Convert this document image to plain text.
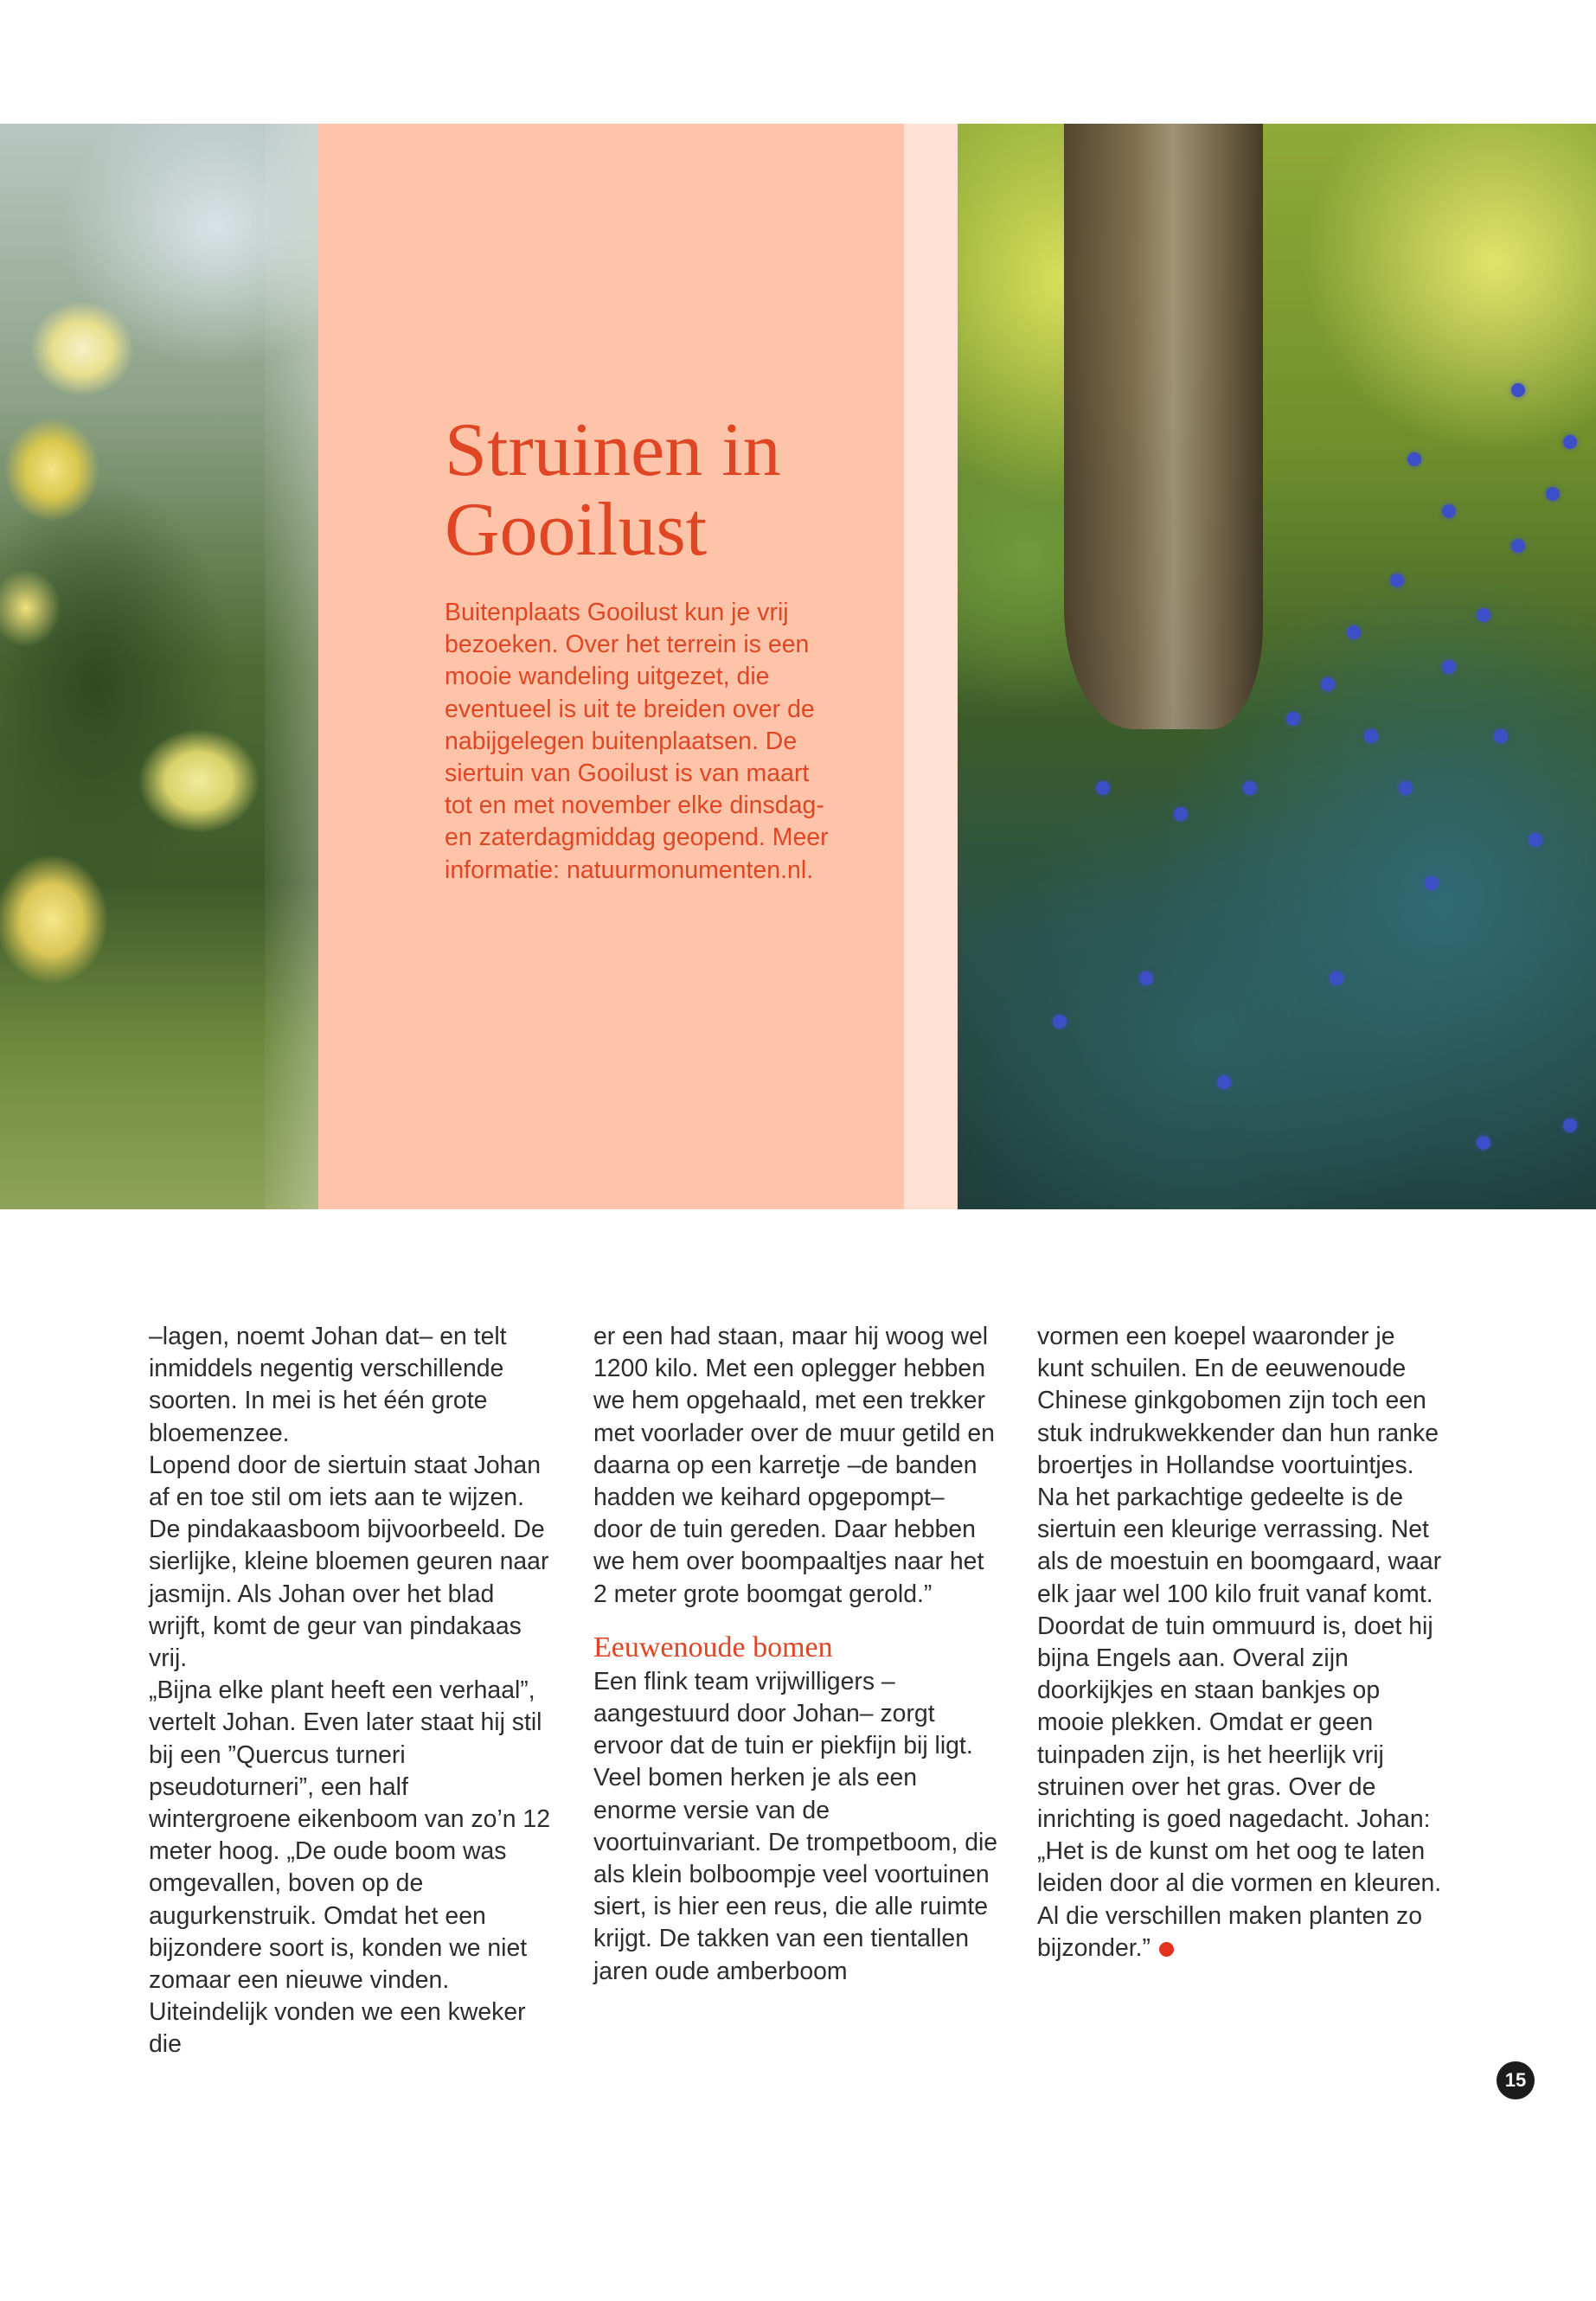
Struinen in
Gooilust

Buitenplaats Gooilust kun je vrij bezoeken. Over het terrein is een mooie wandeling uitgezet, die eventueel is uit te breiden over de nabijgelegen buitenplaatsen. De siertuin van Gooilust is van maart tot en met november elke dinsdag- en zaterdagmiddag geopend. Meer informatie: natuurmonumenten.nl.

–lagen, noemt Johan dat– en telt inmiddels negentig verschillende soorten. In mei is het één grote bloemenzee.

Lopend door de siertuin staat Johan af en toe stil om iets aan te wijzen. De pindakaasboom bijvoorbeeld. De sierlijke, kleine bloemen geuren naar jasmijn. Als Johan over het blad wrijft, komt de geur van pindakaas vrij.

„Bijna elke plant heeft een verhaal”, vertelt Johan. Even later staat hij stil bij een ”Quercus turneri pseudoturneri”, een half wintergroene eikenboom van zo’n 12 meter hoog. „De oude boom was omgevallen, boven op de augurkenstruik. Omdat het een bijzondere soort is, konden we niet zomaar een nieuwe vinden. Uiteindelijk vonden we een kweker die

er een had staan, maar hij woog wel 1200 kilo. Met een oplegger hebben we hem opgehaald, met een trekker met voorlader over de muur getild en daarna op een karretje –de banden hadden we keihard opgepompt– door de tuin gereden. Daar hebben we hem over boompaaltjes naar het 2 meter grote boomgat gerold.”

Eeuwenoude bomen

Een flink team vrijwilligers –aangestuurd door Johan– zorgt ervoor dat de tuin er piekfijn bij ligt.

Veel bomen herken je als een enorme versie van de voortuinvariant. De trompetboom, die als klein bolboompje veel voortuinen siert, is hier een reus, die alle ruimte krijgt. De takken van een tientallen jaren oude amberboom

vormen een koepel waaronder je kunt schuilen. En de eeuwenoude Chinese ginkgobomen zijn toch een stuk indrukwekkender dan hun ranke broertjes in Hollandse voortuintjes.

Na het parkachtige gedeelte is de siertuin een kleurige verrassing. Net als de moestuin en boomgaard, waar elk jaar wel 100 kilo fruit vanaf komt.

Doordat de tuin ommuurd is, doet hij bijna Engels aan. Overal zijn doorkijkjes en staan bankjes op mooie plekken. Omdat er geen tuinpaden zijn, is het heerlijk vrij struinen over het gras. Over de inrichting is goed nagedacht. Johan: „Het is de kunst om het oog te laten leiden door al die vormen en kleuren. Al die verschillen maken planten zo bijzonder.”

15
